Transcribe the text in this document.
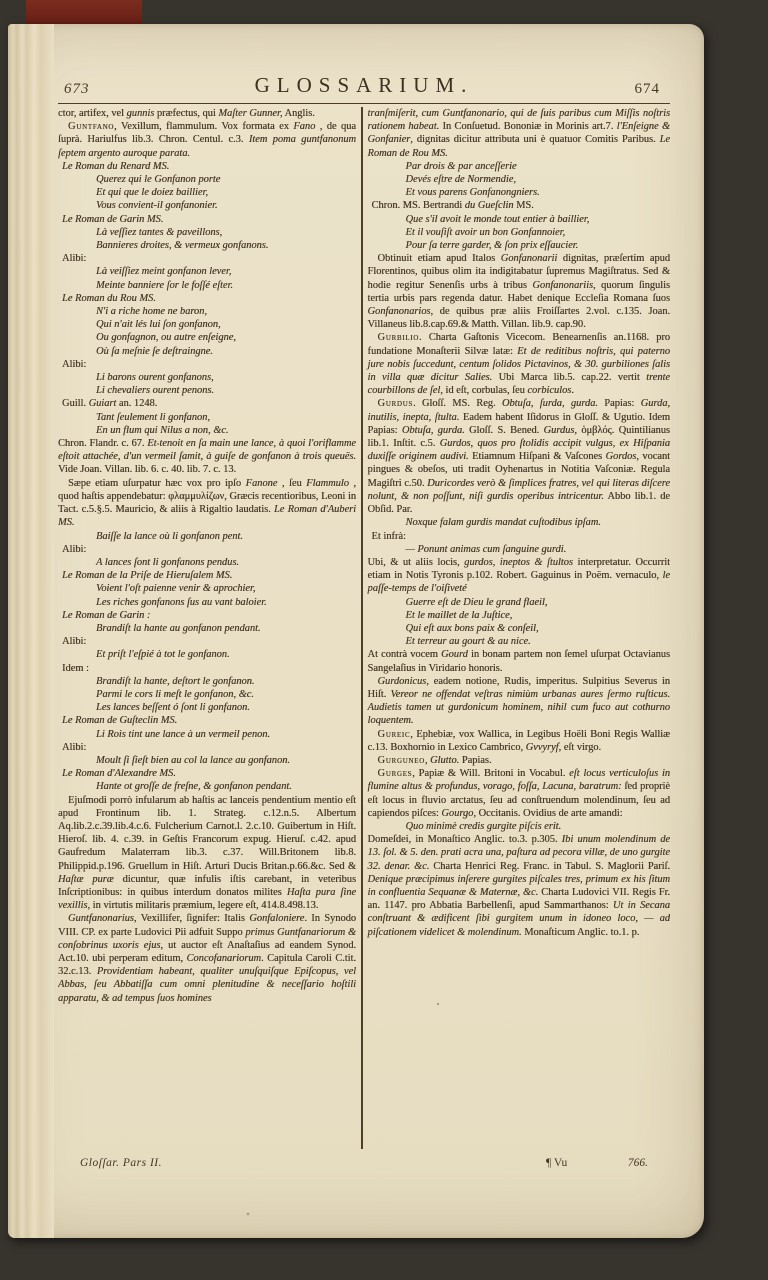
673	GLOSSARIUM.	674
ctor, artifex, vel gunnis præfectus, qui Maſter Gunner, Anglis.
Guntfano, Vexillum, flammulum. Vox formata ex Fano , de qua ſuprà. Hariulfus lib.3. Chron. Centul. c.3. Item poma guntfanonum ſeptem argento auroque parata.
Le Roman du Renard MS.
Querez qui le Gonfanon porte
Et qui que le doiez baillier,
Vous convient-il gonfanonier.
Le Roman de Garin MS.
Là veſſiez tantes & paveillons,
Bannieres droites, & vermeux gonfanons.
Alibi:
Là veiſſiez meint gonfanon lever,
Meinte banniere ſor le foſſé eſter.
Le Roman du Rou MS.
N'i a riche home ne baron,
Qui n'ait lés lui ſon gonfanon,
Ou gonfagnon, ou autre enſeigne,
Où ſa meſnie ſe deſtraingne.
Alibi:
Li barons ourent gonfanons,
Li chevaliers ourent penons.
Guill. Guiart an. 1248.
Tant ſeulement li gonfanon,
En un flum qui Nilus a non, &c.
Chron. Flandr. c. 67. Et tenoit en ſa main une lance, à quoi l'oriflamme eſtoit attachée, d'un vermeil ſamit, à guiſe de gonfanon à trois queuës. Vide Joan. Villan. lib. 6. c. 40. lib. 7. c. 13.
Sæpe etiam uſurpatur hæc vox pro ipſo Fanone , ſeu Flammulo , quod haſtis appendebatur: φλαμμυλίζων, Græcis recentioribus, Leoni in Tact. c.5.§.5. Mauricio, & aliis à Rigaltio laudatis. Le Roman d'Auberi MS.
Baiſſe la lance où li gonfanon pent.
Alibi:
A lances ſont li gonfanons pendus.
Le Roman de la Priſe de Hieruſalem MS.
Voient l'oſt paienne venir & aprochier,
Les riches gonfanons ſus au vant baloier.
Le Roman de Garin :
Brandiſt la hante au gonfanon pendant.
Alibi:
Et priſt l'eſpié à tot le gonfanon.
Idem :
Brandiſt la hante, deſtort le gonfanon.
Parmi le cors li meſt le gonfanon, &c.
Les lances beſſent ó ſont li gonfanon.
Le Roman de Guſteclin MS.
Li Rois tint une lance à un vermeil penon.
Alibi:
Moult ſi ſieſt bien au col la lance au gonfanon.
Le Roman d'Alexandre MS.
Hante ot groſſe de freſne, & gonfanon pendant.
Ejuſmodi porrò infularum ab haſtis ac lanceis pendentium mentio eſt apud Frontinum lib. 1. Strateg. c.12.n.5. Albertum Aq.lib.2.c.39.lib.4.c.6. Fulcherium Carnot.l. 2.c.10. Guibertum in Hiſt. Hieroſ. lib. 4. c.39. in Geſtis Francorum expug. Hieruſ. c.42. apud Gaufredum Malaterram lib.3. c.37. Will.Britonem lib.8. Philippid.p.196. Gruellum in Hiſt. Arturi Ducis Britan.p.66.&c. Sed & Haſtæ puræ dicuntur, quæ infulis iſtis carebant, in veteribus Inſcriptionibus: in quibus interdum donatos milites Haſta pura ſine vexillis, in virtutis militaris præmium, legere eſt, 414.8.498.13.
Guntfanonarius, Vexillifer, ſignifer: Italis Gonfaloniere. In Synodo VIII. CP. ex parte Ludovici Pii adfuit Suppo primus Guntfanariorum & conſobrinus uxoris ejus, ut auctor eſt Anaſtaſius ad eandem Synod. Act.10. ubi perperam editum, Concofanariorum. Capitula Caroli C.tit. 32.c.13. Providentiam habeant, qualiter unuſquiſque Epiſcopus, vel Abbas, ſeu Abbatiſſa cum omni plenitudine & neceſſario hoſtili apparatu, & ad tempus ſuos homines
tranſmiſerit, cum Guntfanonario, qui de ſuis paribus cum Miſſis noſtris rationem habeat. In Conſuetud. Bononiæ in Morinis art.7. l'Enſeigne & Gonfanier, dignitas dicitur attributa uni è quatuor Comitis Paribus. Le Roman de Rou MS.
Par drois & par anceſſerie
Devés eſtre de Normendie,
Et vous parens Gonfanongniers.
Chron. MS. Bertrandi du Gueſclin MS.
Que s'il avoit le monde tout entier à baillier,
Et il vouſiſt avoir un bon Gonfannoier,
Pour ſa terre garder, & ſon prix eſſaucier.
Obtinuit etiam apud Italos Gonfanonarii dignitas, præſertim apud Florentinos, quibus olim ita indigitabatur ſupremus Magiſtratus. Sed & hodie regitur Senenſis urbs à tribus Gonfanonariis, quorum ſingulis tertia urbis pars regenda datur. Habet denique Eccleſia Romana ſuos Gonfanonarios, de quibus præ aliis Froiſſartes 2.vol. c.135. Joan. Villaneus lib.8.cap.69.& Matth. Villan. lib.9. cap.90.
Gurbilio. Charta Gaſtonis Vicecom. Benearnenſis an.1168. pro fundatione Monaſterii Silvæ latæ: Et de reditibus noſtris, qui paterno jure nobis ſuccedunt, centum ſolidos Pictavinos, & 30. gurbiliones ſalis in villa quæ dicitur Salies. Ubi Marca lib.5. cap.22. vertit trente courbillons de ſel, id eſt, corbulas, ſeu corbiculos.
Gurdus. Gloſſ. MS. Reg. Obtuſa, ſurda, gurda. Papias: Gurda, inutilis, inepta, ſtulta. Eadem habent Iſidorus in Gloſſ. & Ugutio. Idem Papias: Obtuſa, gurda. Gloſſ. S. Bened. Gurdus, ὁμβλός. Quintilianus lib.1. Inſtit. c.5. Gurdos, quos pro ſtolidis accipit vulgus, ex Hiſpania duxiſſe originem audivi. Etiamnum Hiſpani & Vaſcones Gordos, vocant pingues & obeſos, uti tradit Oyhenartus in Notitia Vaſconiæ. Regula Magiſtri c.50. Duricordes verò & ſimplices fratres, vel qui literas diſcere nolunt, & non poſſunt, niſi gurdis operibus intricentur. Abbo lib.1. de Obſid. Par.
Noxque falam gurdis mandat cuſtodibus ipſam.
Et infrà:
— Ponunt animas cum ſanguine gurdi.
Ubi, & ut aliis locis, gurdos, ineptos & ſtultos interpretatur. Occurrit etiam in Notis Tyronis p.102. Robert. Gaguinus in Poëm. vernaculo, le paſſe-temps de l'oiſiveté
Guerre eſt de Dieu le grand flaeil,
Et le maillet de la Juſtice,
Qui eſt aux bons paix & conſeil,
Et terreur au gourt & au nice.
At contrà vocem Gourd in bonam partem non ſemel uſurpat Octavianus Sangelaſius in Viridario honoris.
Gurdonicus, eadem notione, Rudis, imperitus. Sulpitius Severus in Hiſt. Vereor ne offendat veſtras nimiùm urbanas aures ſermo ruſticus. Audietis tamen ut gurdonicum hominem, nihil cum fuco aut cothurno loquentem.
Gureic, Ephebiæ, vox Wallica, in Legibus Hoëli Boni Regis Walliæ c.13. Boxhornio in Lexico Cambrico, Gvvyryf, eſt virgo.
Gurguneo, Glutto. Papias.
Gurges, Papiæ & Will. Britoni in Vocabul. eſt locus verticuloſus in flumine altus & profundus, vorago, foſſa, Lacuna, baratrum: ſed propriè eſt locus in fluvio arctatus, ſeu ad conſtruendum molendinum, ſeu ad capiendos piſces: Gourgo, Occitanis. Ovidius de arte amandi:
Quo minimè credis gurgite piſcis erit.
Domeſdei, in Monaſtico Anglic. to.3. p.305. Ibi unum molendinum de 13. ſol. & 5. den. prati acra una, paſtura ad pecora villæ, de uno gurgite 32. denar. &c. Charta Henrici Reg. Franc. in Tabul. S. Maglorii Pariſ. Denique præcipimus inſerere gurgites piſcales tres, primum ex his ſitum in confluentia Sequanæ & Maternæ, &c. Charta Ludovici VII. Regis Fr. an. 1147. pro Abbatia Barbellenſi, apud Sammarthanos: Ut in Secana conſtruant & ædificent ſibi gurgitem unum in idoneo loco, — ad piſcationem videlicet & molendinum. Monaſticum Anglic. to.1. p.
Gloſſar. Pars II.	¶ Vu	766.
